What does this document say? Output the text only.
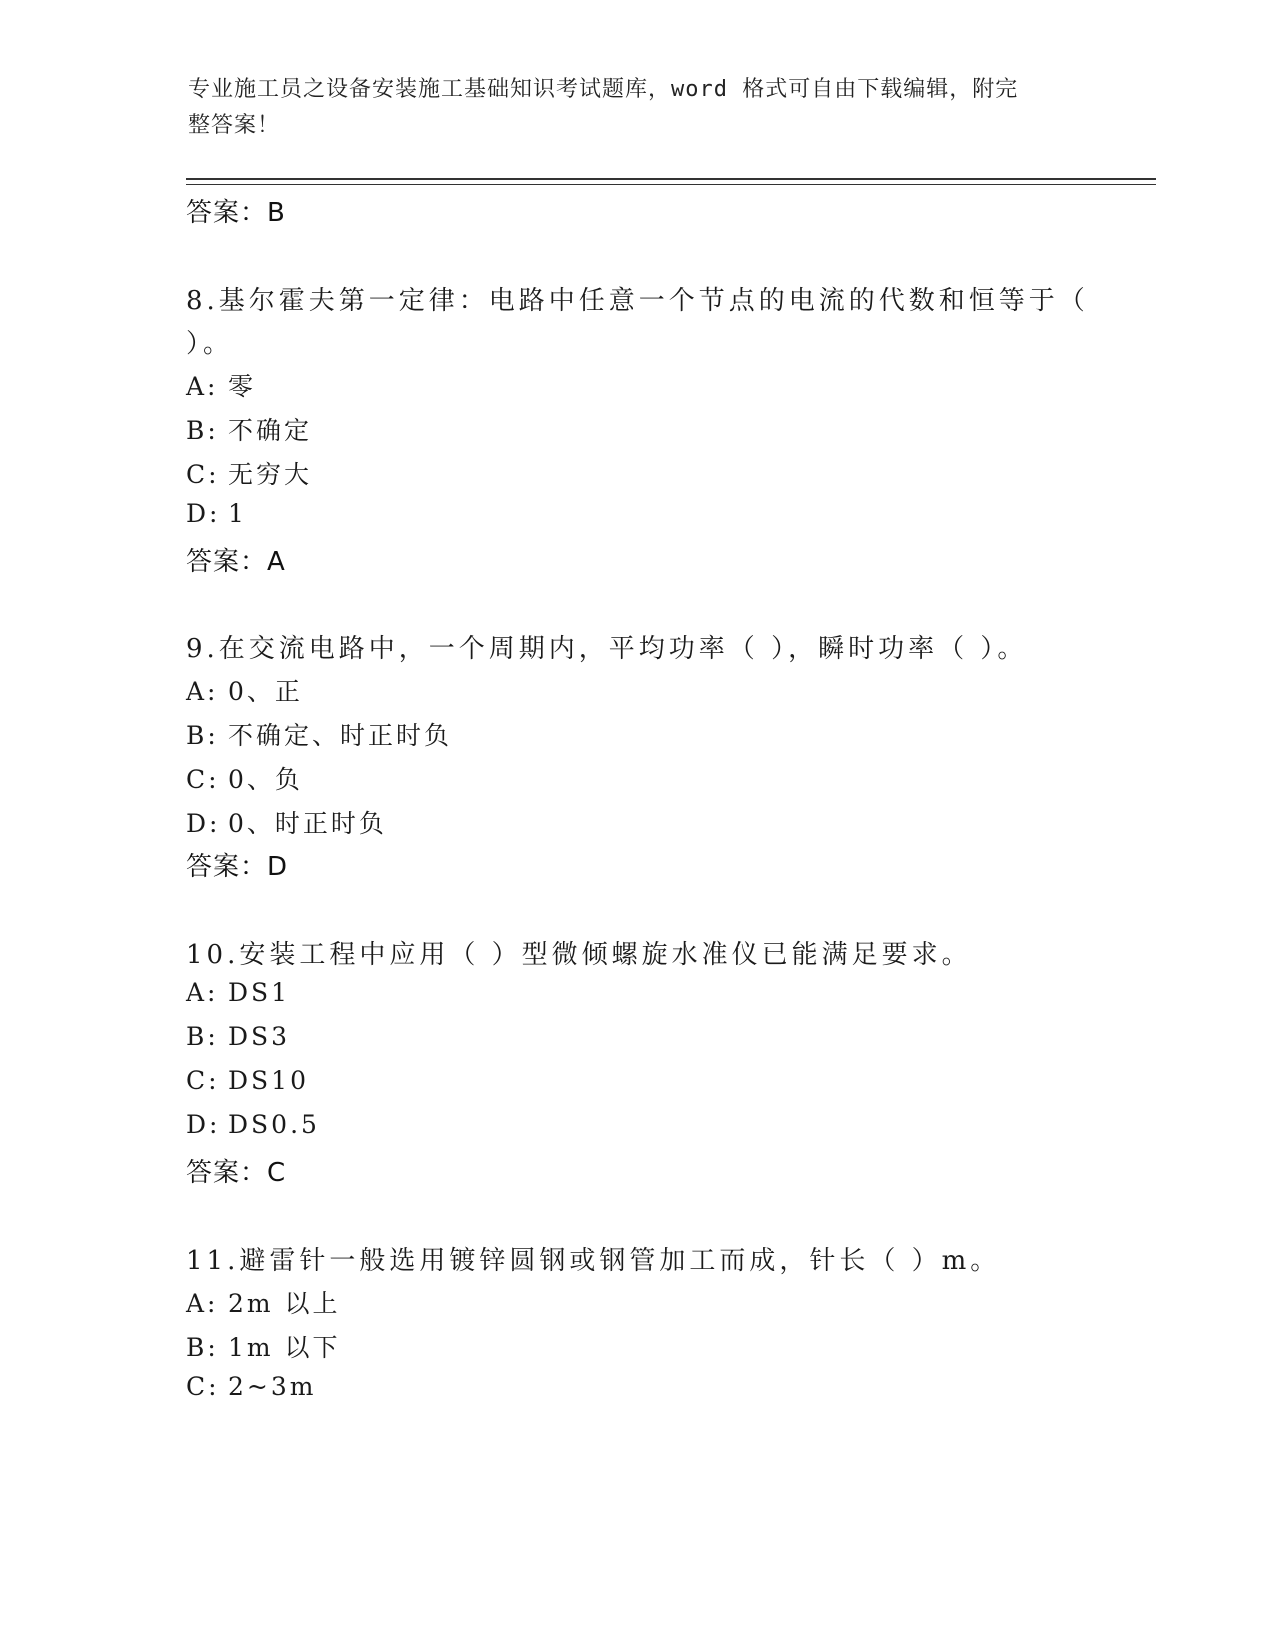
专业施工员之设备安装施工基础知识考试题库，word 格式可自由下载编辑，附完
整答案！
答案：B
8.基尔霍夫第一定律：电路中任意一个节点的电流的代数和恒等于（
）。
A: 零
B: 不确定
C: 无穷大
D: 1
答案：A
9.在交流电路中，一个周期内，平均功率（ ），瞬时功率（ ）。
A: 0、正
B: 不确定、时正时负
C: 0、负
D: 0、时正时负
答案：D
10.安装工程中应用（ ）型微倾螺旋水准仪已能满足要求。
A: DS1
B: DS3
C: DS10
D: DS0.5
答案：C
11.避雷针一般选用镀锌圆钢或钢管加工而成，针长（ ）m。
A: 2m 以上
B: 1m 以下
C: 2~3m
